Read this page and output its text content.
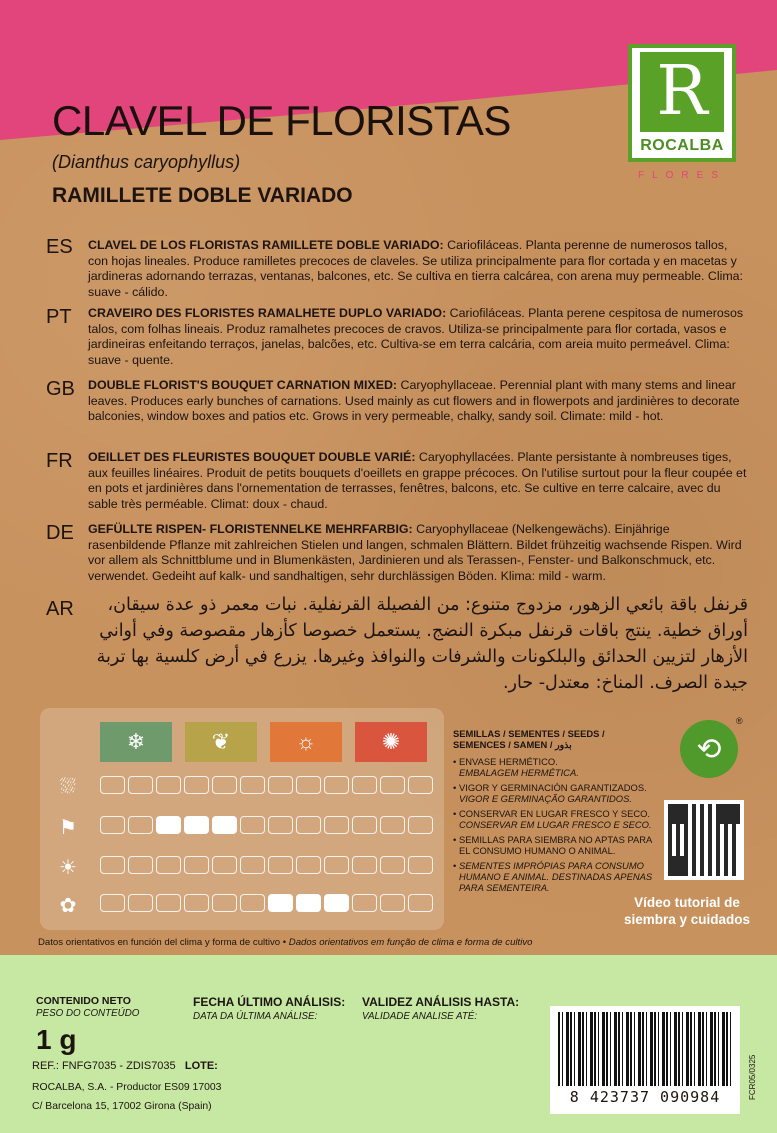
R
ROCALBA
FLORES
CLAVEL DE FLORISTAS
(Dianthus caryophyllus)
RAMILLETE DOBLE VARIADO
ES CLAVEL DE LOS FLORISTAS RAMILLETE DOBLE VARIADO: Cariofiláceas. Planta perenne de numerosos tallos, con hojas lineales. Produce ramilletes precoces de claveles. Se utiliza principalmente para flor cortada y en macetas y jardineras adornando terrazas, ventanas, balcones, etc. Se cultiva en tierra calcárea, con arena muy permeable. Clima: suave - cálido.
PT CRAVEIRO DES FLORISTES RAMALHETE DUPLO VARIADO: Cariofiláceas. Planta perene cespitosa de numerosos talos, com folhas lineais. Produz ramalhetes precoces de cravos. Utiliza-se principalmente para flor cortada, vasos e jardineiras enfeitando terraços, janelas, balcões, etc. Cultiva-se em terra calcária, com areia muito permeável. Clima: suave - quente.
GB DOUBLE FLORIST'S BOUQUET CARNATION MIXED: Caryophyllaceae. Perennial plant with many stems and linear leaves. Produces early bunches of carnations. Used mainly as cut flowers and in flowerpots and jardinières to decorate balconies, window boxes and patios etc. Grows in very permeable, chalky, sandy soil. Climate: mild - hot.
FR OEILLET DES FLEURISTES BOUQUET DOUBLE VARIÉ: Caryophyllacées. Plante persistante à nombreuses tiges, aux feuilles linéaires. Produit de petits bouquets d'oeillets en grappe précoces. On l'utilise surtout pour la fleur coupée et en pots et jardinières dans l'ornementation de terrasses, fenêtres, balcons, etc. Se cultive en terre calcaire, avec du sable très perméable. Climat: doux - chaud.
DE GEFÜLLTE RISPEN- FLORISTENNELKE MEHRFARBIG: Caryophyllaceae (Nelkengewächs). Einjährige rasenbildende Pflanze mit zahlreichen Stielen und langen, schmalen Blättern. Bildet frühzeitig wachsende Rispen. Wird vor allem als Schnittblume und in Blumenkästen, Jardinieren und als Terassen-, Fenster- und Balkonschmuck, etc. verwendet. Gedeiht auf kalk- und sandhaltigen, sehr durchlässigen Böden. Klima: mild - warm.
AR	قرنفل باقة بائعي الزهور، مزدوج متنوع: من الفصيلة القرنفلية. نبات معمر ذو عدة سيقان، أوراق خطية. ينتج باقات قرنفل مبكرة النضج. يستعمل خصوصا كأزهار مقصوصة وفي أواني الأزهار لتزيين الحدائق والبلكونات والشرفات والنوافذ وغيرها. يزرع في أرض كلسية بها تربة جيدة الصرف. المناخ: معتدل- حار.
❄	❦	☼	✺
⛆
⚑
☀
✿
SEMILLAS / SEMENTES / SEEDS /
SEMENCES / SAMEN / بذور
• ENVASE HERMÉTICO.
EMBALAGEM HERMÉTICA.
• VIGOR Y GERMINACIÓN GARANTIZADOS.
VIGOR E GERMINAÇÃO GARANTIDOS.
• CONSERVAR EN LUGAR FRESCO Y SECO.
CONSERVAR EM LUGAR FRESCO E SECO.
• SEMILLAS PARA SIEMBRA NO APTAS PARA EL CONSUMO HUMANO O ANIMAL.
• SEMENTES IMPRÓPIAS PARA CONSUMO HUMANO E ANIMAL. DESTINADAS APENAS PARA SEMENTEIRA.
⟲
®
Vídeo tutorial de siembra y cuidados
Datos orientativos en función del clima y forma de cultivo • Dados orientativos em função de clima e forma de cultivo
CONTENIDO NETO
PESO DO CONTEÚDO
1 g
FECHA ÚLTIMO ANÁLISIS:
DATA DA ÚLTIMA ANÁLISE:
VALIDEZ ANÁLISIS HASTA:
VALIDADE ANALISE ATÉ:
REF.: FNFG7035 - ZDIS7035 LOTE:
ROCALBA, S.A. - Productor ES09 17003
C/ Barcelona 15, 17002 Girona (Spain)
8 423737 090984	FCR05/0325
